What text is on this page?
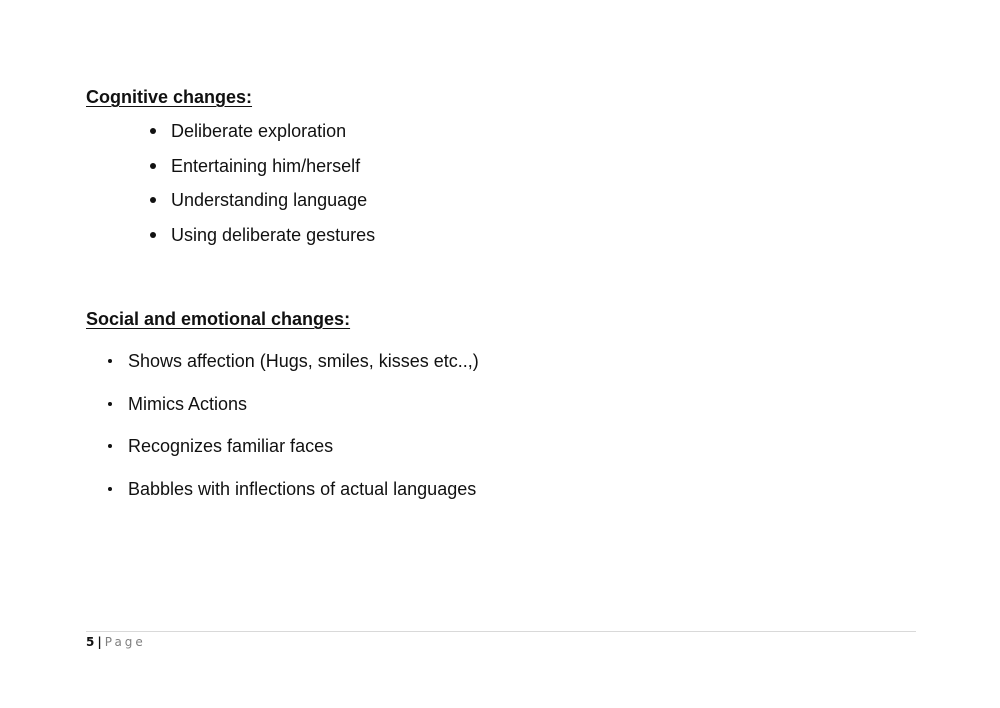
Cognitive changes:
Deliberate exploration
Entertaining him/herself
Understanding language
Using deliberate gestures
Social and emotional changes:
Shows affection (Hugs, smiles, kisses etc..,)
Mimics Actions
Recognizes familiar faces
Babbles with inflections of actual languages
5 | Page
